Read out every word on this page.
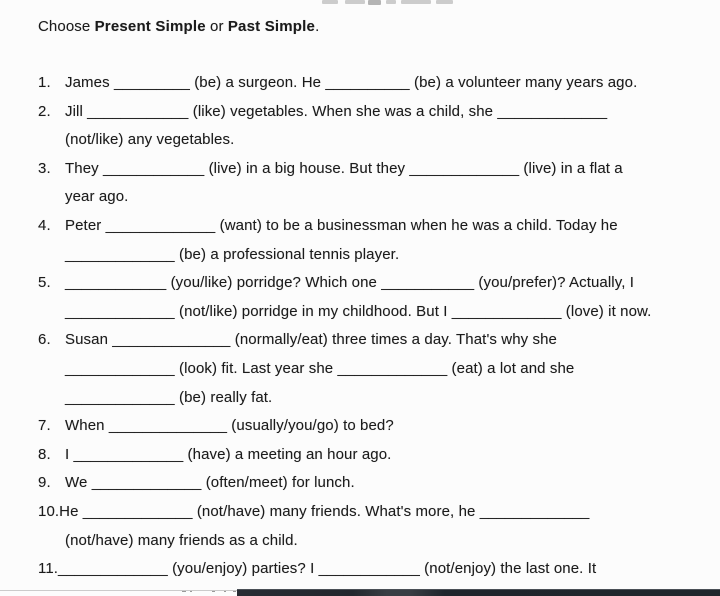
Choose Present Simple or Past Simple.

1. James _________ (be) a surgeon. He __________ (be) a volunteer many years ago.
2. Jill ____________ (like) vegetables. When she was a child, she _____________
(not/like) any vegetables.
3. They ____________ (live) in a big house. But they _____________ (live) in a flat a
year ago.
4. Peter _____________ (want) to be a businessman when he was a child. Today he
_____________ (be) a professional tennis player.
5. ____________ (you/like) porridge? Which one ___________ (you/prefer)? Actually, I
_____________ (not/like) porridge in my childhood. But I _____________ (love) it now.
6. Susan ______________ (normally/eat) three times a day. That's why she
_____________ (look) fit. Last year she _____________ (eat) a lot and she
_____________ (be) really fat.
7. When ______________ (usually/you/go) to bed?
8. I _____________ (have) a meeting an hour ago.
9. We _____________ (often/meet) for lunch.
10.He _____________ (not/have) many friends. What's more, he _____________
(not/have) many friends as a child.
11._____________ (you/enjoy) parties? I ____________ (not/enjoy) the last one. It
